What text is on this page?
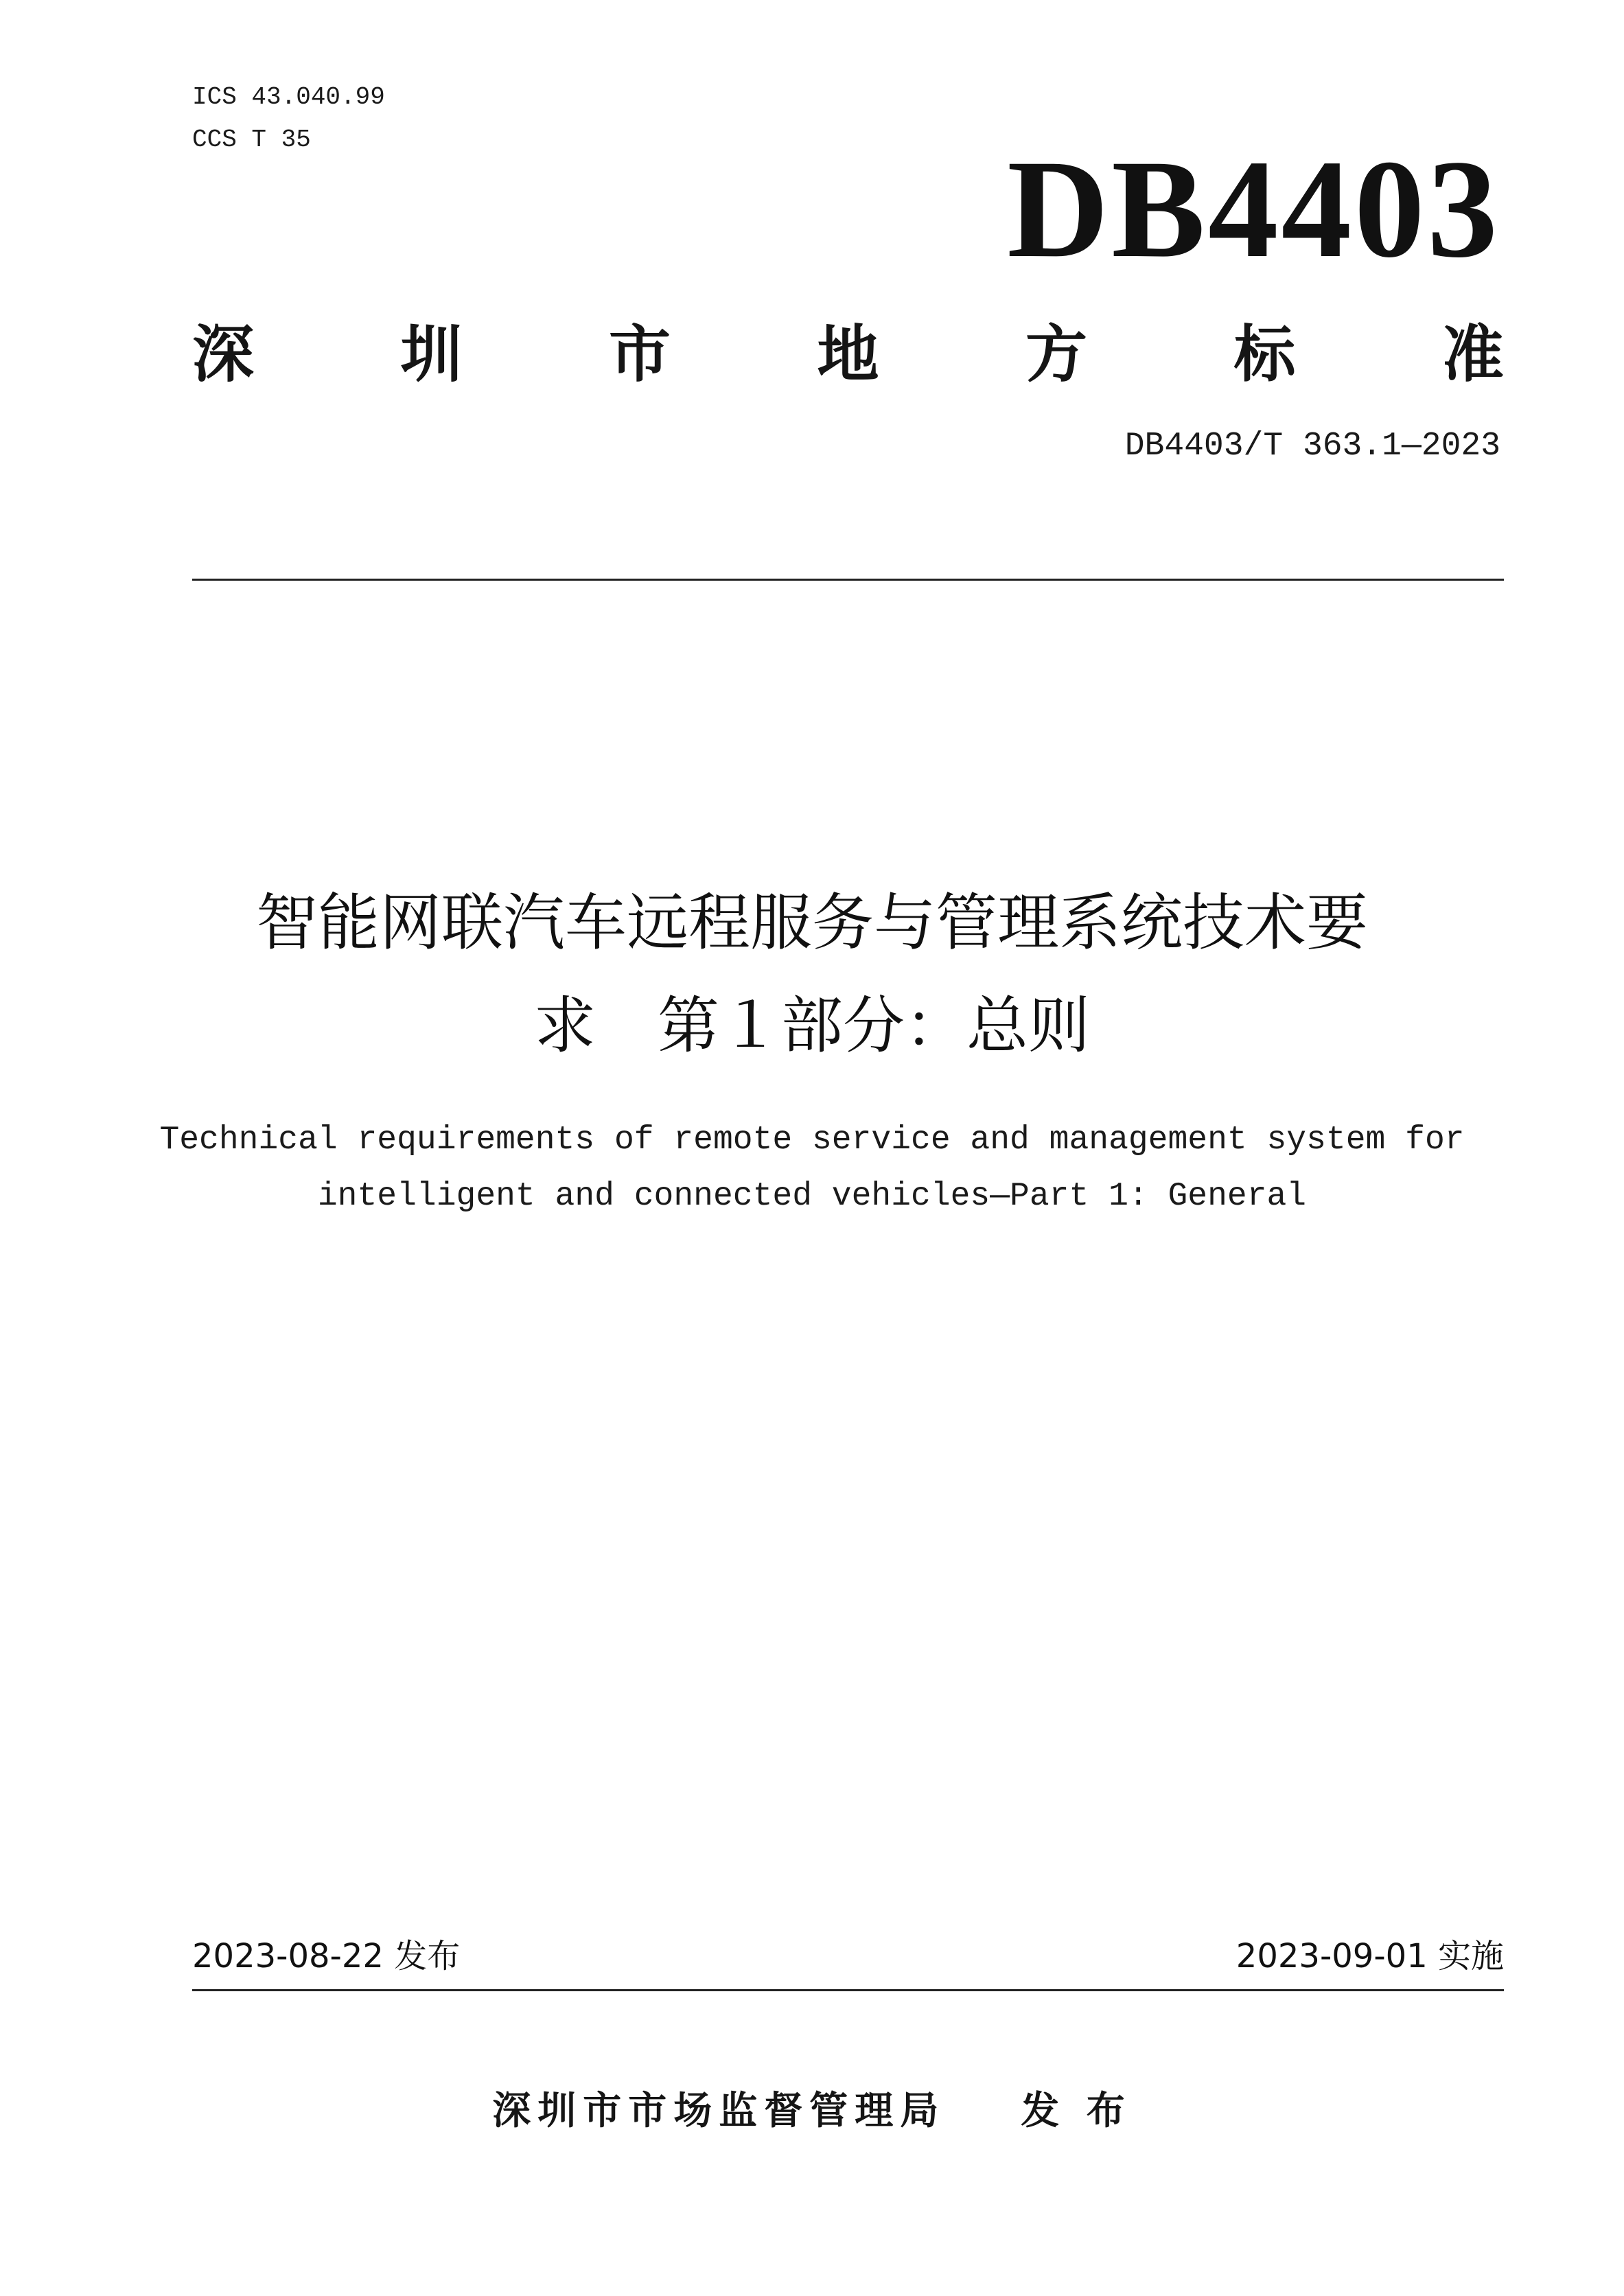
ICS 43.040.99
CCS T 35	DB4403
深 圳 市 地 方 标 准
DB4403/T 363.1—2023
智能网联汽车远程服务与管理系统技术要
求　第１部分：总则
Technical requirements of remote service and management system for
intelligent and connected vehicles—Part 1: General
2023-08-22 发布	2023-09-01 实施
深圳市市场监督管理局 发 布
